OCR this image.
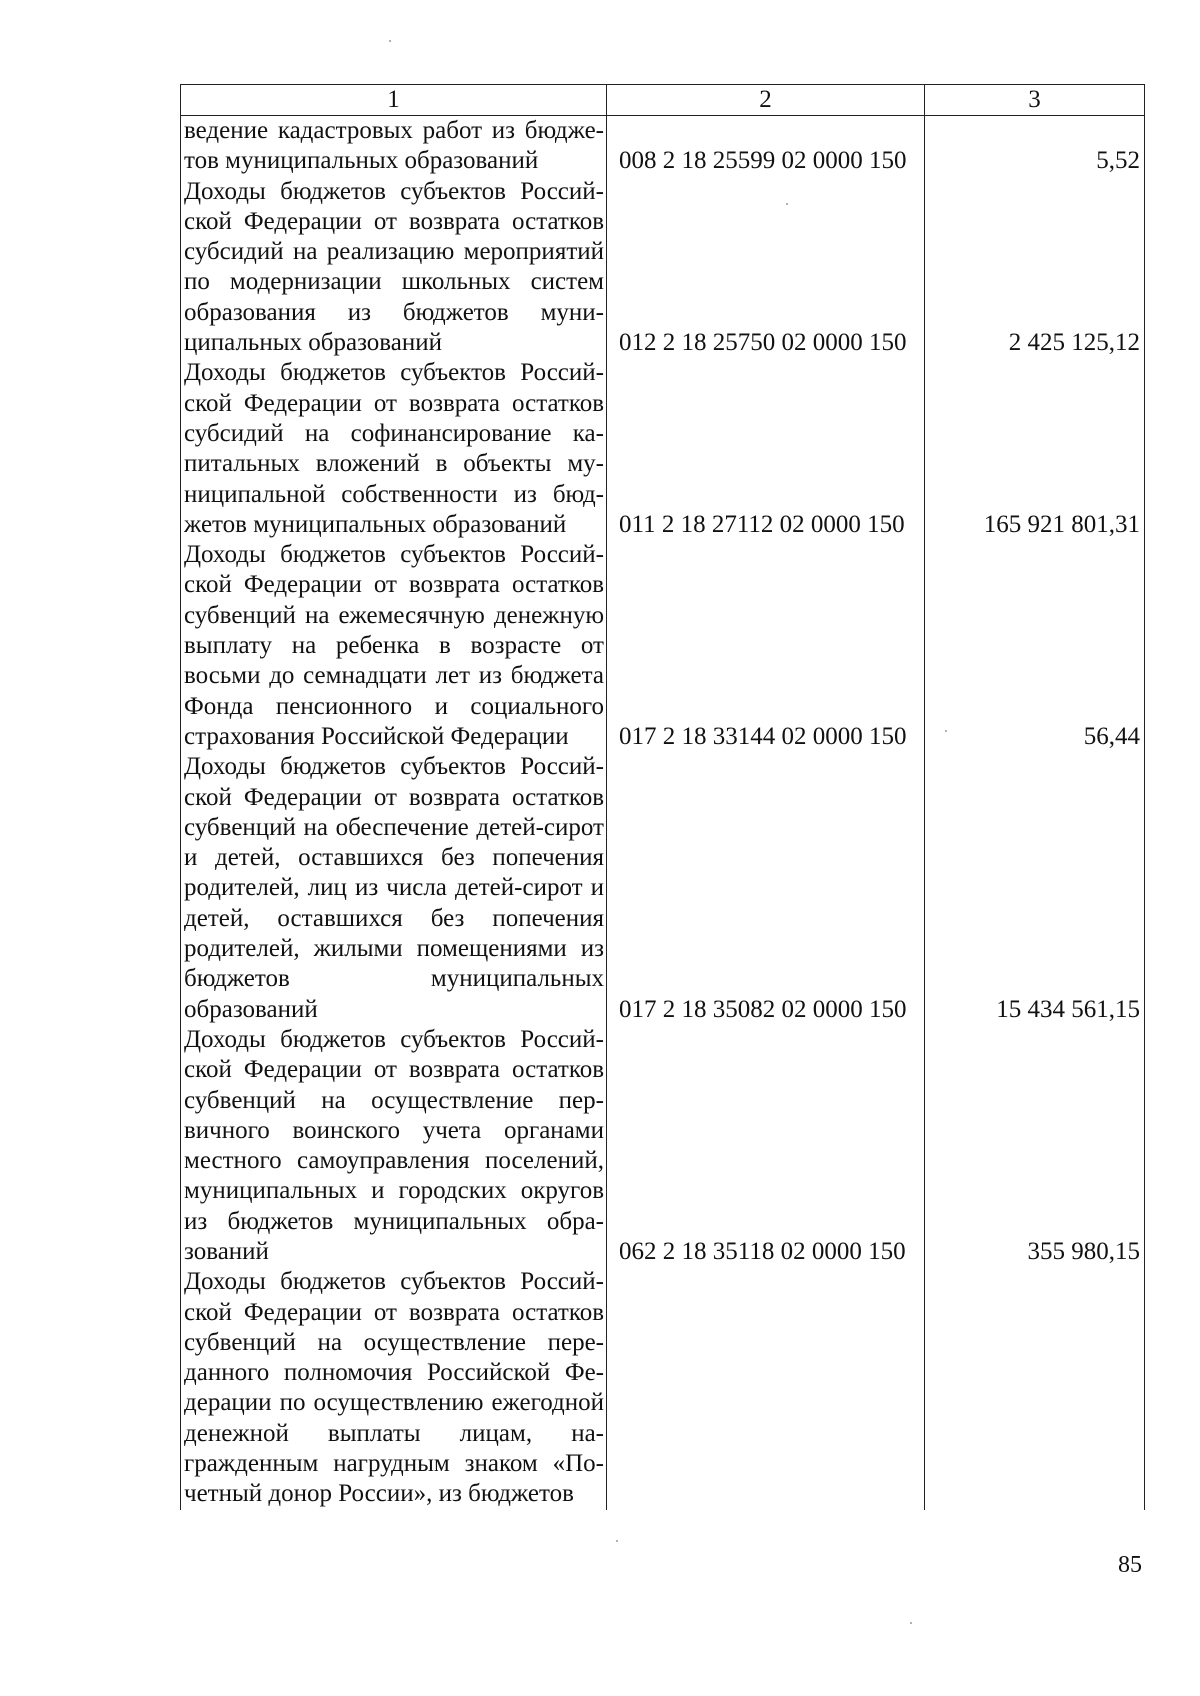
1	2	3
ведение кадастровых работ из бюджетов муниципальных образований	008 2 18 25599 02 0000 150	5,52
Доходы бюджетов субъектов Российской Федерации от возврата остатков субсидий на реализацию мероприятий по модернизации школьных систем образования из бюджетов муниципальных образований	012 2 18 25750 02 0000 150	2 425 125,12
Доходы бюджетов субъектов Российской Федерации от возврата остатков субсидий на софинансирование капитальных вложений в объекты муниципальной собственности из бюджетов муниципальных образований	011 2 18 27112 02 0000 150	165 921 801,31
Доходы бюджетов субъектов Российской Федерации от возврата остатков субвенций на ежемесячную денежную выплату на ребенка в возрасте от восьми до семнадцати лет из бюджета Фонда пенсионного и социального страхования Российской Федерации	017 2 18 33144 02 0000 150	56,44
Доходы бюджетов субъектов Российской Федерации от возврата остатков субвенций на обеспечение детей-сирот и детей, оставшихся без попечения родителей, лиц из числа детей-сирот и детей, оставшихся без попечения родителей, жилыми помещениями из бюджетов муниципальных образований	017 2 18 35082 02 0000 150	15 434 561,15
Доходы бюджетов субъектов Российской Федерации от возврата остатков субвенций на осуществление первичного воинского учета органами местного самоуправления поселений, муниципальных и городских округов из бюджетов муниципальных образований	062 2 18 35118 02 0000 150	355 980,15
Доходы бюджетов субъектов Российской Федерации от возврата остатков субвенций на осуществление переданного полномочия Российской Федерации по осуществлению ежегодной денежной выплаты лицам, награжденным нагрудным знаком «Почетный донор России», из бюджетов		
85
